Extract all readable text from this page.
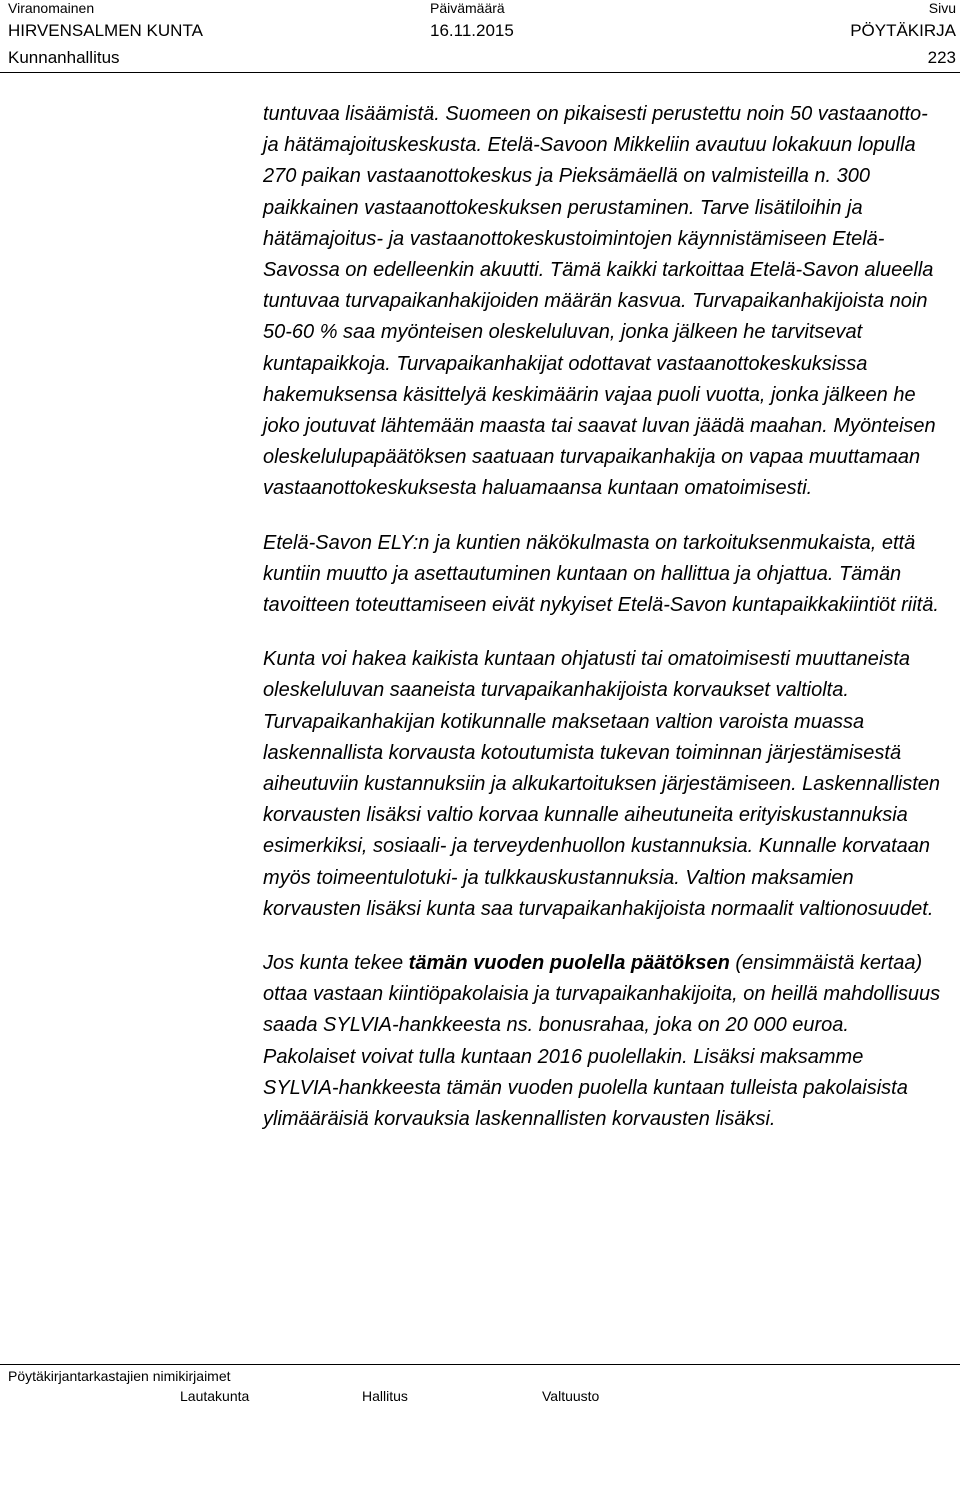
Viranomainen
HIRVENSALMEN KUNTA
Kunnanhallitus
Päivämäärä
16.11.2015
Sivu
PÖYTÄKIRJA
223

tuntuvaa lisäämistä. Suomeen on pikaisesti perustettu noin 50 vastaanotto- ja hätämajoituskeskusta. Etelä-Savoon Mikkeliin avautuu lokakuun lopulla 270 paikan vastaanottokeskus ja Pieksämäellä on valmisteilla n. 300 paikkainen vastaanottokeskuksen perustaminen. Tarve lisätiloihin ja hätämajoitus- ja vastaanottokeskustoimintojen käynnistämiseen Etelä-Savossa on edelleenkin akuutti. Tämä kaikki tarkoittaa Etelä-Savon alueella tuntuvaa turvapaikanhakijoiden määrän kasvua. Turvapaikanhakijoista noin 50-60 % saa myönteisen oleskeluluvan, jonka jälkeen he tarvitsevat kuntapaikkoja. Turvapaikanhakijat odottavat vastaanottokeskuksissa hakemuksensa käsittelyä keskimäärin vajaa puoli vuotta, jonka jälkeen he joko joutuvat lähtemään maasta tai saavat luvan jäädä maahan. Myönteisen oleskelulupapäätöksen saatuaan turvapaikanhakija on vapaa muuttamaan vastaanottokeskuksesta haluamaansa kuntaan omatoimisesti.

Etelä-Savon ELY:n ja kuntien näkökulmasta on tarkoituksenmukaista, että kuntiin muutto ja asettautuminen kuntaan on hallittua ja ohjattua. Tämän tavoitteen toteuttamiseen eivät nykyiset Etelä-Savon kuntapaikkakiintiöt riitä.

Kunta voi hakea kaikista kuntaan ohjatusti tai omatoimisesti muuttaneista oleskeluluvan saaneista turvapaikanhakijoista korvaukset valtiolta. Turvapaikanhakijan kotikunnalle maksetaan valtion varoista muassa laskennallista korvausta kotoutumista tukevan toiminnan järjestämisestä aiheutuviin kustannuksiin ja alkukartoituksen järjestämiseen. Laskennallisten korvausten lisäksi valtio korvaa kunnalle aiheutuneita erityiskustannuksia esimerkiksi, sosiaali- ja terveydenhuollon kustannuksia. Kunnalle korvataan myös toimeentulotuki- ja tulkkauskustannuksia. Valtion maksamien korvausten lisäksi kunta saa turvapaikanhakijoista normaalit valtionosuudet.

Jos kunta tekee tämän vuoden puolella päätöksen (ensimmäistä kertaa) ottaa vastaan kiintiöpakolaisia ja turvapaikanhakijoita, on heillä mahdollisuus saada SYLVIA-hankkeesta ns. bonusrahaa, joka on 20 000 euroa. Pakolaiset voivat tulla kuntaan 2016 puolellakin. Lisäksi maksamme SYLVIA-hankkeesta tämän vuoden puolella kuntaan tulleista pakolaisista ylimääräisiä korvauksia laskennallisten korvausten lisäksi.

Pöytäkirjantarkastajien nimikirjaimet
Lautakunta	Hallitus	Valtuusto
